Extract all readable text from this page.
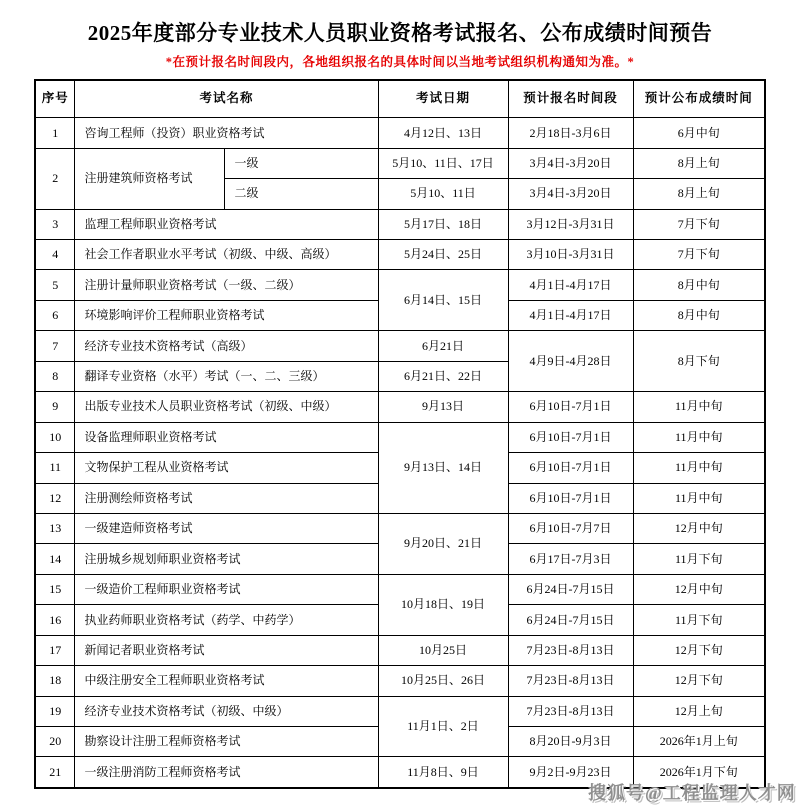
2025年度部分专业技术人员职业资格考试报名、公布成绩时间预告
*在预计报名时间段内，各地组织报名的具体时间以当地考试组织机构通知为准。*
序号	考试名称		考试日期	预计报名时间段	预计公布成绩时间
1	咨询工程师（投资）职业资格考试		4月12日、13日	2月18日-3月6日	6月中旬
2	注册建筑师资格考试	一级	5月10、11日、17日	3月4日-3月20日	8月上旬
		二级	5月10、11日	3月4日-3月20日	8月上旬
3	监理工程师职业资格考试		5月17日、18日	3月12日-3月31日	7月下旬
4	社会工作者职业水平考试（初级、中级、高级）		5月24日、25日	3月10日-3月31日	7月下旬
5	注册计量师职业资格考试（一级、二级）		6月14日、15日	4月1日-4月17日	8月中旬
6	环境影响评价工程师职业资格考试			4月1日-4月17日	8月中旬
7	经济专业技术资格考试（高级）		6月21日	4月9日-4月28日	8月下旬
8	翻译专业资格（水平）考试（一、二、三级）		6月21日、22日		
9	出版专业技术人员职业资格考试（初级、中级）		9月13日	6月10日-7月1日	11月中旬
10	设备监理师职业资格考试		9月13日、14日	6月10日-7月1日	11月中旬
11	文物保护工程从业资格考试			6月10日-7月1日	11月中旬
12	注册测绘师资格考试			6月10日-7月1日	11月中旬
13	一级建造师资格考试		9月20日、21日	6月10日-7月7日	12月中旬
14	注册城乡规划师职业资格考试			6月17日-7月3日	11月下旬
15	一级造价工程师职业资格考试		10月18日、19日	6月24日-7月15日	12月中旬
16	执业药师职业资格考试（药学、中药学）			6月24日-7月15日	11月下旬
17	新闻记者职业资格考试		10月25日	7月23日-8月13日	12月下旬
18	中级注册安全工程师职业资格考试		10月25日、26日	7月23日-8月13日	12月下旬
19	经济专业技术资格考试（初级、中级）		11月1日、2日	7月23日-8月13日	12月上旬
20	勘察设计注册工程师资格考试			8月20日-9月3日	2026年1月上旬
21	一级注册消防工程师资格考试		11月8日、9日	9月2日-9月23日	2026年1月下旬
搜狐号@工程监理人才网
